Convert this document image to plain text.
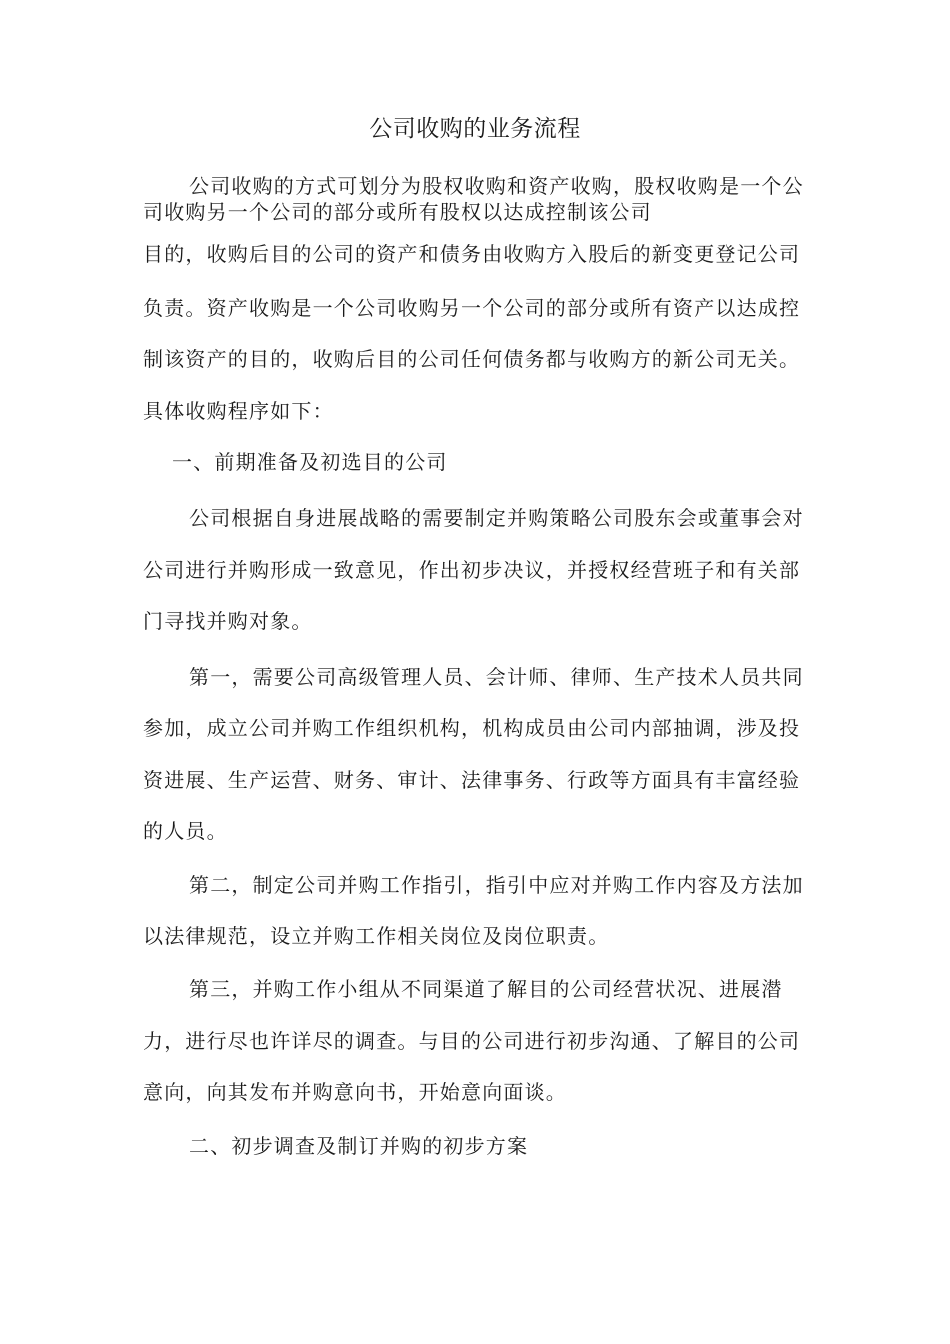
公司收购的业务流程

公司收购的方式可划分为股权收购和资产收购，股权收购是一个公

司收购另一个公司的部分或所有股权以达成控制该公司

目的，收购后目的公司的资产和债务由收购方入股后的新变更登记公司

负责。资产收购是一个公司收购另一个公司的部分或所有资产以达成控

制该资产的目的，收购后目的公司任何债务都与收购方的新公司无关。

具体收购程序如下：

一、前期准备及初选目的公司

公司根据自身进展战略的需要制定并购策略公司股东会或董事会对

公司进行并购形成一致意见，作出初步决议，并授权经营班子和有关部

门寻找并购对象。

第一，需要公司高级管理人员、会计师、律师、生产技术人员共同

参加，成立公司并购工作组织机构，机构成员由公司内部抽调，涉及投

资进展、生产运营、财务、审计、法律事务、行政等方面具有丰富经验

的人员。

第二，制定公司并购工作指引，指引中应对并购工作内容及方法加

以法律规范，设立并购工作相关岗位及岗位职责。

第三，并购工作小组从不同渠道了解目的公司经营状况、进展潜

力，进行尽也许详尽的调查。与目的公司进行初步沟通、了解目的公司

意向，向其发布并购意向书，开始意向面谈。

二、初步调查及制订并购的初步方案
